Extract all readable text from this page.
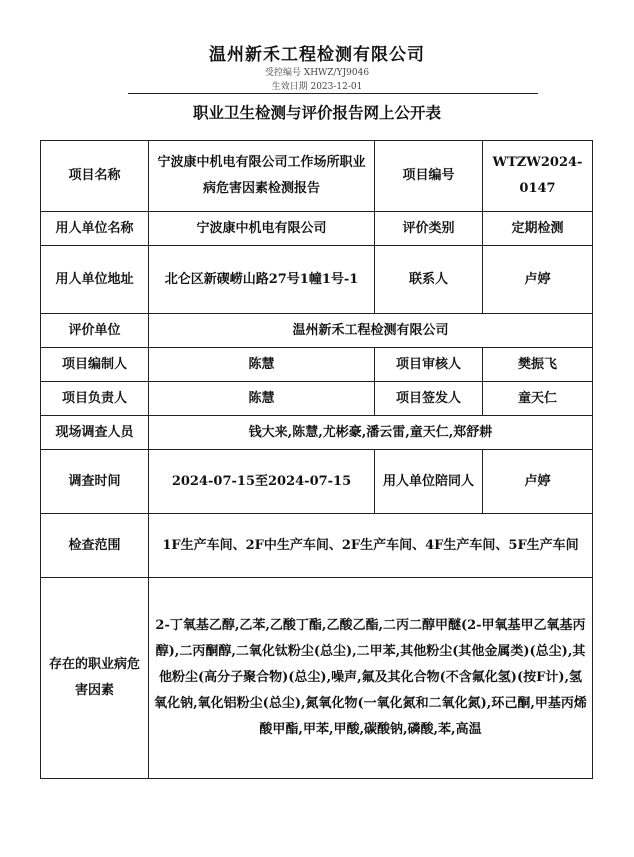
温州新禾工程检测有限公司
受控编号 XHWZ/YJ9046
生效日期 2023-12-01
职业卫生检测与评价报告网上公开表
项目名称	宁波康中机电有限公司工作场所职业病危害因素检测报告	项目编号	WTZW2024-0147
用人单位名称	宁波康中机电有限公司	评价类别	定期检测
用人单位地址	北仑区新碶崂山路27号1幢1号-1	联系人	卢婷
评价单位	温州新禾工程检测有限公司		
项目编制人	陈慧	项目审核人	樊振飞
项目负责人	陈慧	项目签发人	童天仁
现场调查人员	钱大来,陈慧,尤彬豪,潘云雷,童天仁,郑舒耕		
调查时间	2024-07-15至2024-07-15	用人单位陪同人	卢婷
检查范围	1F生产车间、2F中生产车间、2F生产车间、4F生产车间、5F生产车间		
存在的职业病危害因素	2-丁氧基乙醇,乙苯,乙酸丁酯,乙酸乙酯,二丙二醇甲醚(2-甲氧基甲乙氧基丙醇),二丙酮醇,二氧化钛粉尘(总尘),二甲苯,其他粉尘(其他金属类)(总尘),其他粉尘(高分子聚合物)(总尘),噪声,氟及其化合物(不含氟化氢)(按F计),氢氧化钠,氧化铝粉尘(总尘),氮氧化物(一氧化氮和二氧化氮),环己酮,甲基丙烯酸甲酯,甲苯,甲酸,碳酸钠,磷酸,苯,高温		
